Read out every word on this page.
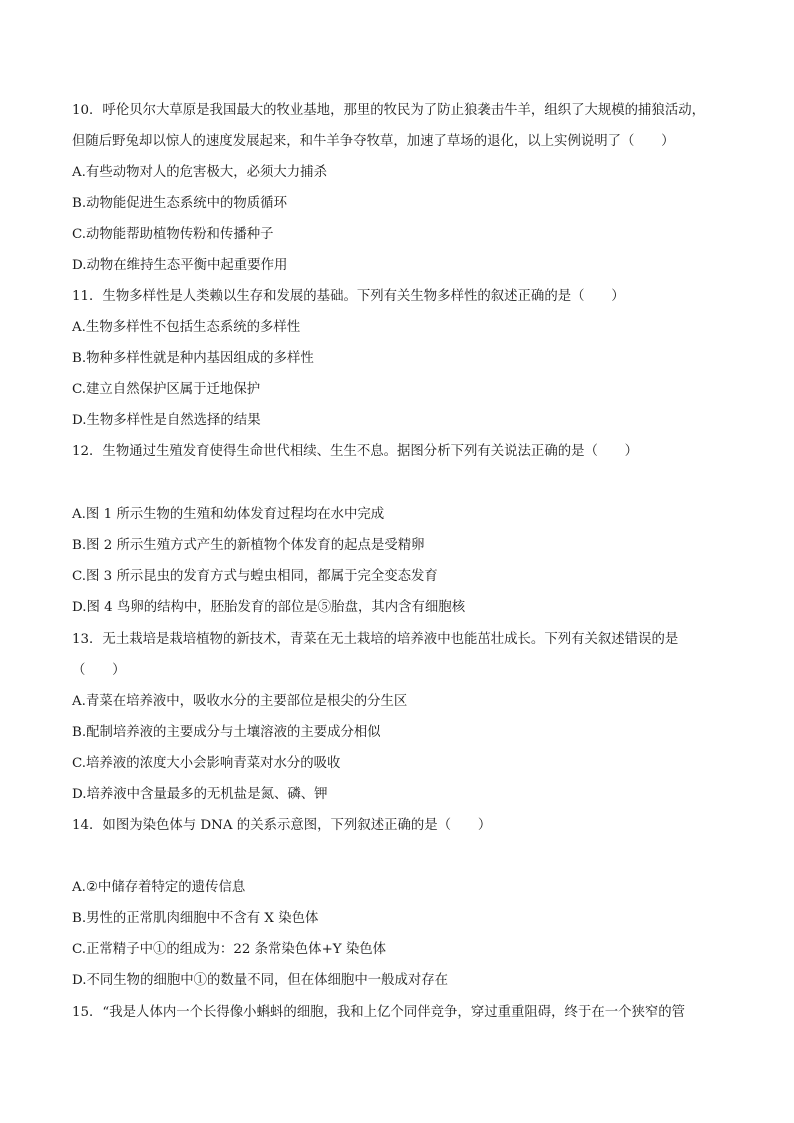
10．呼伦贝尔大草原是我国最大的牧业基地，那里的牧民为了防止狼袭击牛羊，组织了大规模的捕狼活动，
但随后野兔却以惊人的速度发展起来，和牛羊争夺牧草，加速了草场的退化，以上实例说明了（　　）
A.有些动物对人的危害极大，必须大力捕杀
B.动物能促进生态系统中的物质循环
C.动物能帮助植物传粉和传播种子
D.动物在维持生态平衡中起重要作用
11．生物多样性是人类赖以生存和发展的基础。下列有关生物多样性的叙述正确的是（　　）
A.生物多样性不包括生态系统的多样性
B.物种多样性就是种内基因组成的多样性
C.建立自然保护区属于迁地保护
D.生物多样性是自然选择的结果
12．生物通过生殖发育使得生命世代相续、生生不息。据图分析下列有关说法正确的是（　　）
A.图 1 所示生物的生殖和幼体发育过程均在水中完成
B.图 2 所示生殖方式产生的新植物个体发育的起点是受精卵
C.图 3 所示昆虫的发育方式与蝗虫相同，都属于完全变态发育
D.图 4 鸟卵的结构中，胚胎发育的部位是⑤胎盘，其内含有细胞核
13．无土栽培是栽培植物的新技术，青菜在无土栽培的培养液中也能茁壮成长。下列有关叙述错误的是
（　　）
A.青菜在培养液中，吸收水分的主要部位是根尖的分生区
B.配制培养液的主要成分与土壤溶液的主要成分相似
C.培养液的浓度大小会影响青菜对水分的吸收
D.培养液中含量最多的无机盐是氮、磷、钾
14．如图为染色体与 DNA 的关系示意图，下列叙述正确的是（　　）
A.②中储存着特定的遗传信息
B.男性的正常肌肉细胞中不含有 X 染色体
C.正常精子中①的组成为：22 条常染色体+Y 染色体
D.不同生物的细胞中①的数量不同，但在体细胞中一般成对存在
15．“我是人体内一个长得像小蝌蚪的细胞，我和上亿个同伴竞争，穿过重重阻碍，终于在一个狭窄的管
